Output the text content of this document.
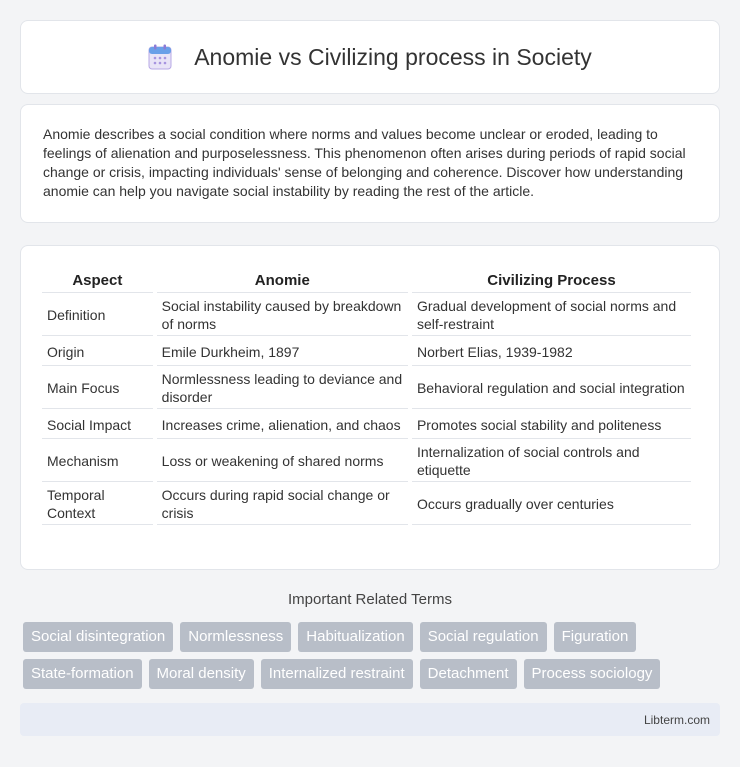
Anomie vs Civilizing process in Society

Anomie describes a social condition where norms and values become unclear or eroded, leading to feelings of alienation and purposelessness. This phenomenon often arises during periods of rapid social change or crisis, impacting individuals' sense of belonging and coherence. Discover how understanding anomie can help you navigate social instability by reading the rest of the article.

Aspect	Anomie	Civilizing Process
Definition	Social instability caused by breakdown of norms	Gradual development of social norms and self-restraint
Origin	Emile Durkheim, 1897	Norbert Elias, 1939-1982
Main Focus	Normlessness leading to deviance and disorder	Behavioral regulation and social integration
Social Impact	Increases crime, alienation, and chaos	Promotes social stability and politeness
Mechanism	Loss or weakening of shared norms	Internalization of social controls and etiquette
Temporal Context	Occurs during rapid social change or crisis	Occurs gradually over centuries
Important Related Terms
Social disintegration	Normlessness	Habitualization	Social regulation	Figuration
State-formation	Moral density	Internalized restraint	Detachment	Process sociology
Libterm.com
